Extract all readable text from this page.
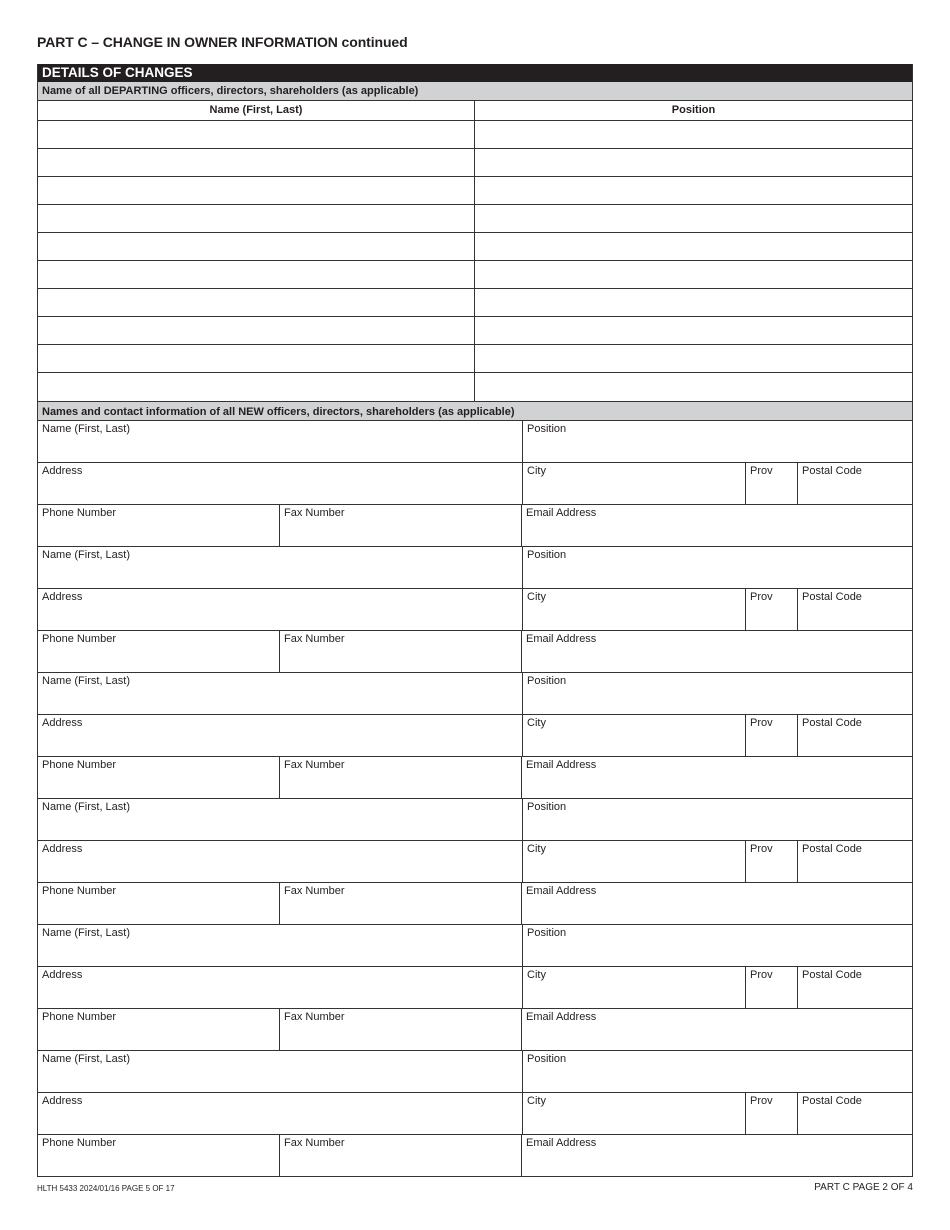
PART C – CHANGE IN OWNER INFORMATION continued
DETAILS OF CHANGES
Name of all DEPARTING officers, directors, shareholders (as applicable)
Name (First, Last)	Position
Names and contact information of all NEW officers, directors, shareholders (as applicable)
Name (First, Last)	Position
Address	City	Prov	Postal Code
Phone Number	Fax Number	Email Address
Name (First, Last)	Position
Address	City	Prov	Postal Code
Phone Number	Fax Number	Email Address
Name (First, Last)	Position
Address	City	Prov	Postal Code
Phone Number	Fax Number	Email Address
Name (First, Last)	Position
Address	City	Prov	Postal Code
Phone Number	Fax Number	Email Address
Name (First, Last)	Position
Address	City	Prov	Postal Code
Phone Number	Fax Number	Email Address
Name (First, Last)	Position
Address	City	Prov	Postal Code
Phone Number	Fax Number	Email Address
HLTH 5433 2024/01/16 PAGE 5 OF 17	PART C PAGE 2 OF 4
